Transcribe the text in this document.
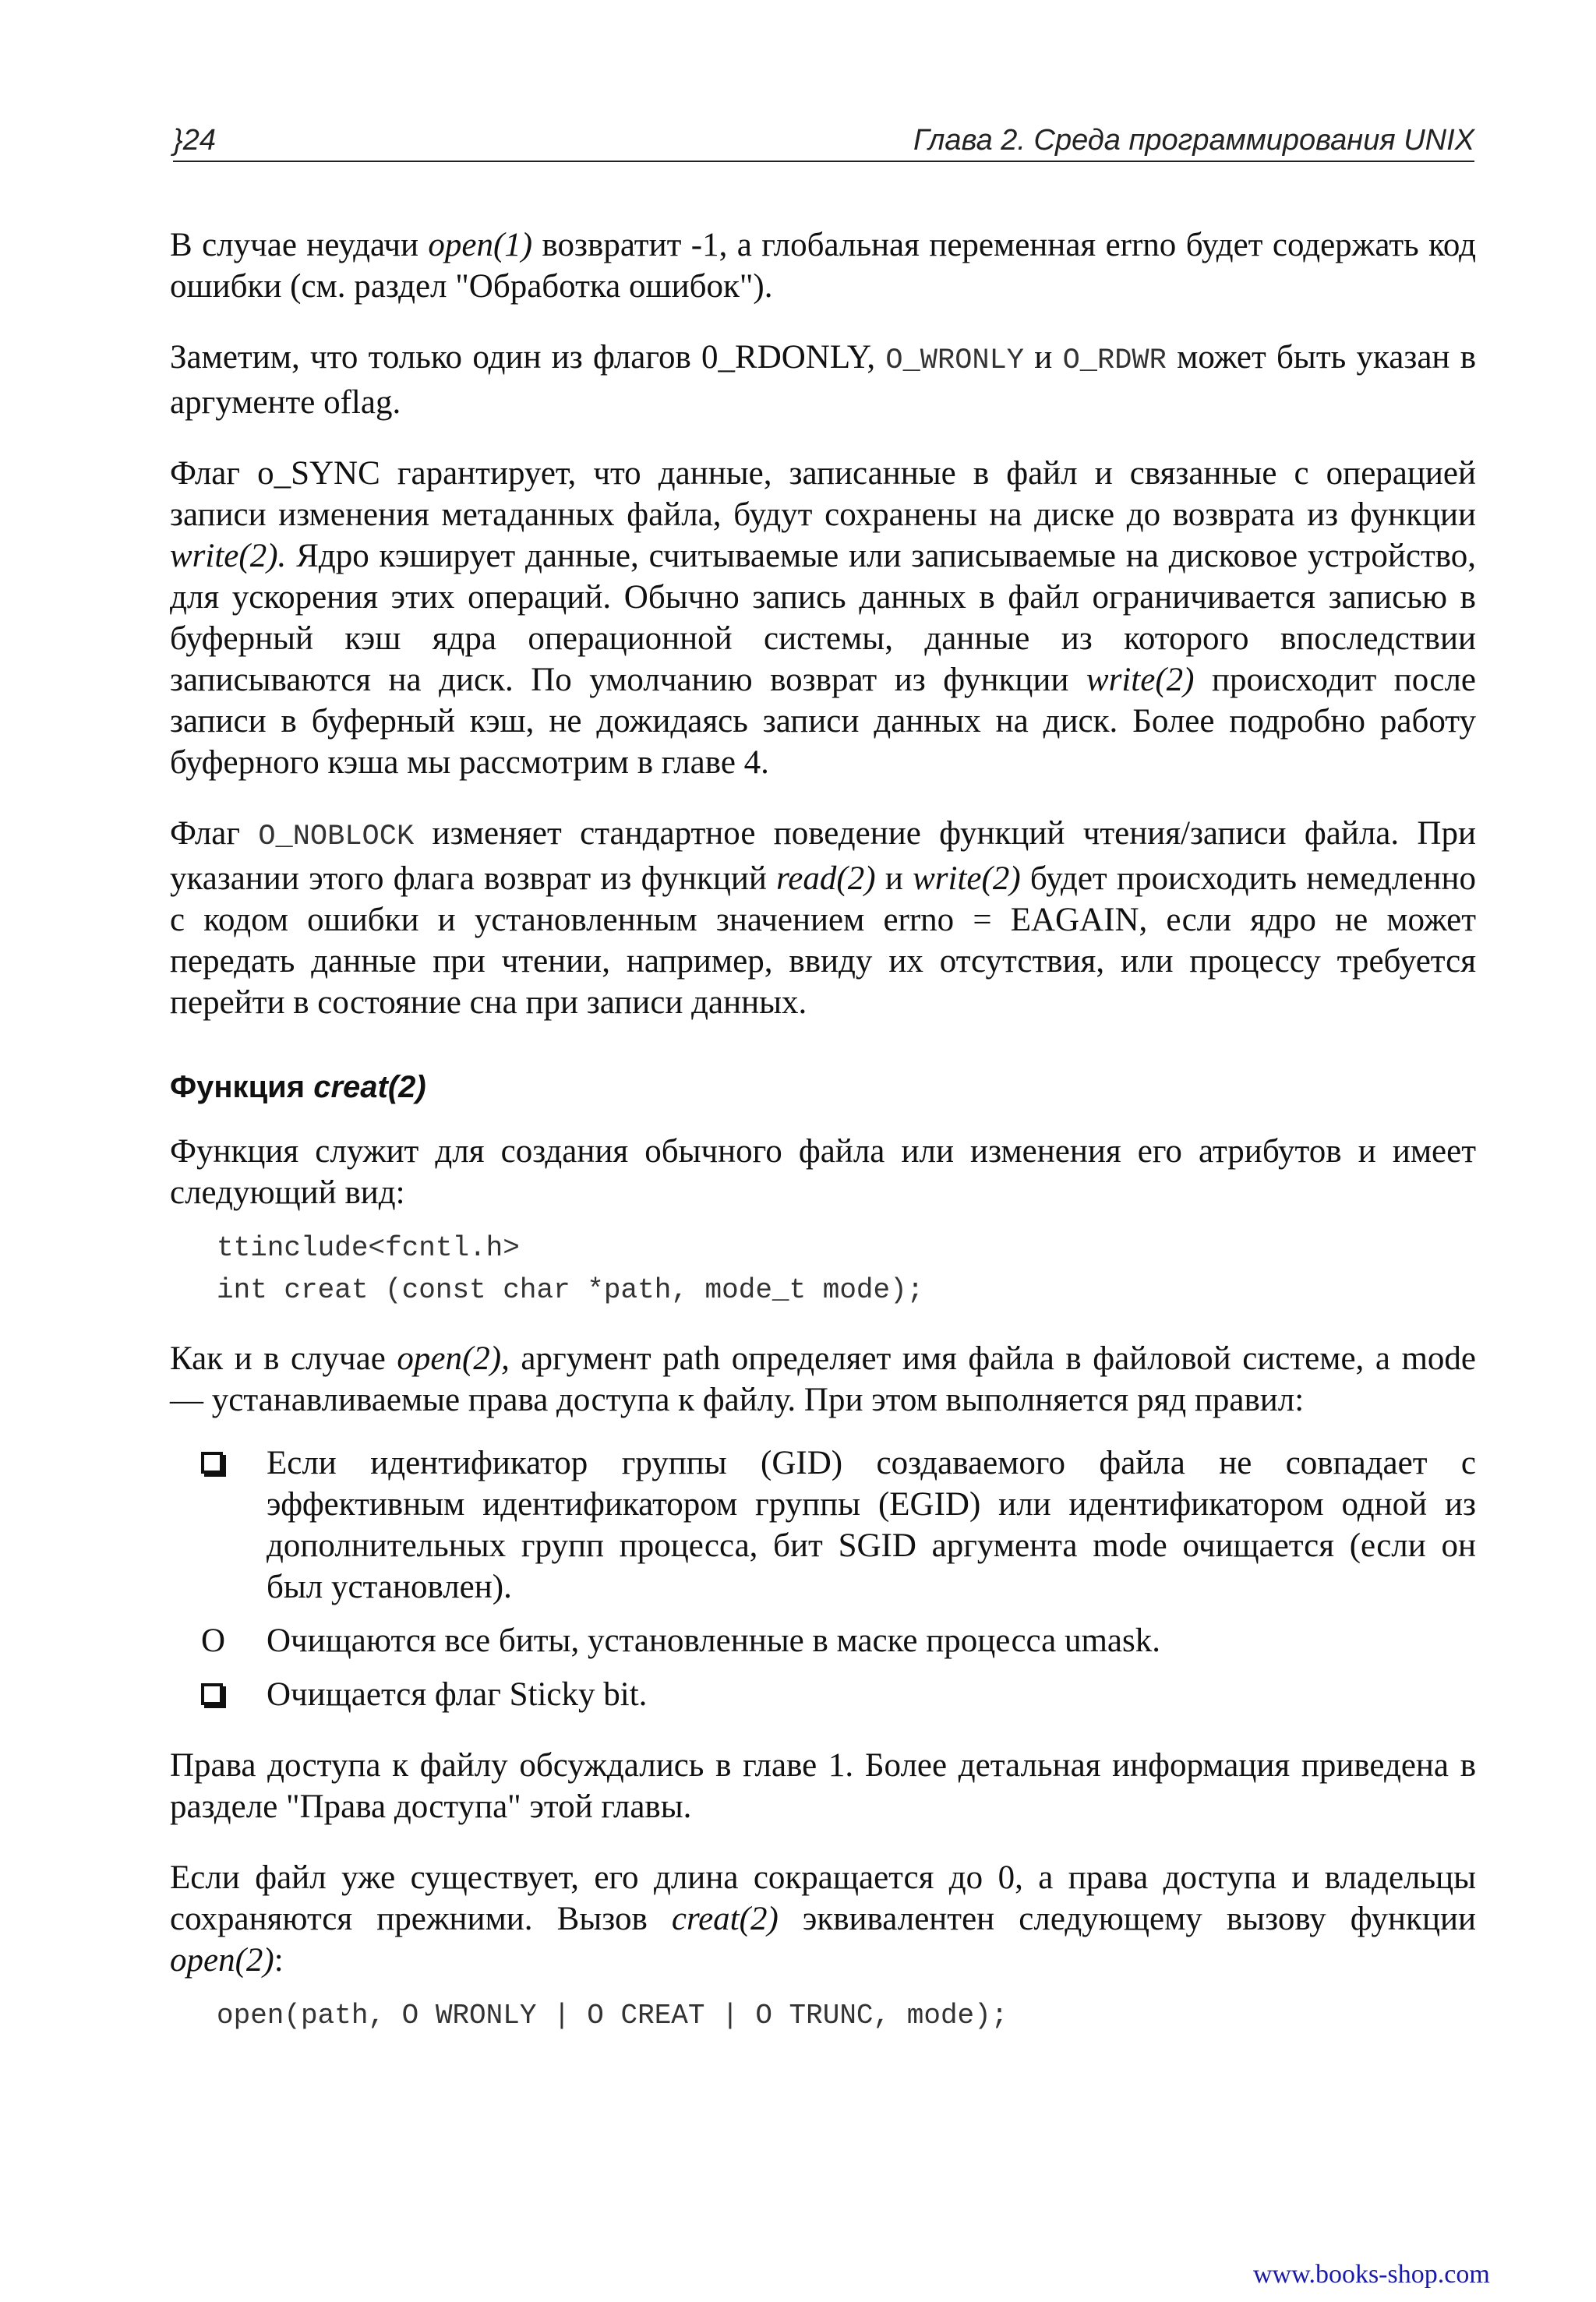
}24	Глава 2. Среда программирования UNIX

В случае неудачи open(1) возвратит -1, а глобальная переменная errno будет содержать код ошибки (см. раздел "Обработка ошибок").

Заметим, что только один из флагов 0_RDONLY, O_WRONLY и O_RDWR может быть указан в аргументе oflag.

Флаг o_SYNC гарантирует, что данные, записанные в файл и связанные с операцией записи изменения метаданных файла, будут сохранены на диске до возврата из функции write(2). Ядро кэширует данные, считываемые или записываемые на дисковое устройство, для ускорения этих операций. Обычно запись данных в файл ограничивается записью в буферный кэш ядра операционной системы, данные из которого впоследствии записываются на диск. По умолчанию возврат из функции write(2) происходит после записи в буферный кэш, не дожидаясь записи данных на диск. Более подробно работу буферного кэша мы рассмотрим в главе 4.

Флаг O_NOBLOCK изменяет стандартное поведение функций чтения/записи файла. При указании этого флага возврат из функций read(2) и write(2) будет происходить немедленно с кодом ошибки и установленным значением errno = EAGAIN, если ядро не может передать данные при чтении, например, ввиду их отсутствия, или процессу требуется перейти в состояние сна при записи данных.

Функция creat(2)

Функция служит для создания обычного файла или изменения его атрибутов и имеет следующий вид:

ttinclude<fcntl.h>
int creat (const char *path, mode_t mode);

Как и в случае open(2), аргумент path определяет имя файла в файловой системе, а mode — устанавливаемые права доступа к файлу. При этом выполняется ряд правил:

Если идентификатор группы (GID) создаваемого файла не совпадает с эффективным идентификатором группы (EGID) или идентификатором одной из дополнительных групп процесса, бит SGID аргумента mode очищается (если он был установлен).
O Очищаются все биты, установленные в маске процесса umask.
Очищается флаг Sticky bit.

Права доступа к файлу обсуждались в главе 1. Более детальная информация приведена в разделе "Права доступа" этой главы.

Если файл уже существует, его длина сокращается до 0, а права доступа и владельцы сохраняются прежними. Вызов creat(2) эквивалентен следующему вызову функции open(2):

open(path, O WRONLY | O CREAT | O TRUNC, mode);
www.books-shop.com
